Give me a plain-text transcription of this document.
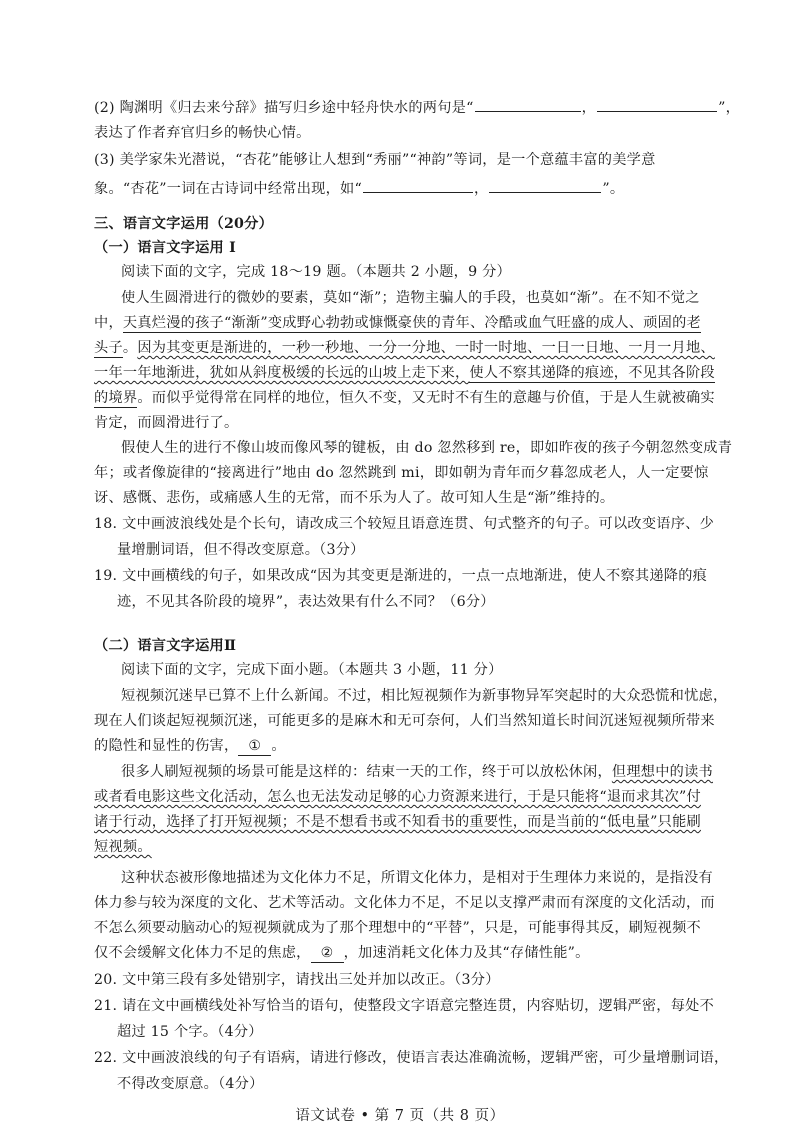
(2) 陶渊明《归去来兮辞》描写归乡途中轻舟快水的两句是“	，	”，
表达了作者弃官归乡的畅快心情。
(3) 美学家朱光潜说，“杏花”能够让人想到“秀丽”“神韵”等词，是一个意蕴丰富的美学意
象。“杏花”一词在古诗词中经常出现，如“	，	”。
三、语言文字运用（20分）
（一）语言文字运用 I
阅读下面的文字，完成 18～19 题。（本题共 2 小题，9 分）
使人生圆滑进行的微妙的要素，莫如“渐”；造物主骗人的手段，也莫如“渐”。在不知不觉之
中，天真烂漫的孩子“渐渐”变成野心勃勃或慷慨豪侠的青年、冷酷或血气旺盛的成人、顽固的老
头子。因为其变更是渐进的，一秒一秒地、一分一分地、一时一时地、一日一日地、一月一月地、
一年一年地渐进，犹如从斜度极缓的长远的山坡上走下来，使人不察其递降的痕迹，不见其各阶段
的境界。而似乎觉得常在同样的地位，恒久不变，又无时不有生的意趣与价值，于是人生就被确实
肯定，而圆滑进行了。
假使人生的进行不像山坡而像风琴的键板，由 do 忽然移到 re，即如昨夜的孩子今朝忽然变成青
年；或者像旋律的“接离进行”地由 do 忽然跳到 mi，即如朝为青年而夕暮忽成老人，人一定要惊
讶、感慨、悲伤，或痛感人生的无常，而不乐为人了。故可知人生是“渐”维持的。
18. 文中画波浪线处是个长句，请改成三个较短且语意连贯、句式整齐的句子。可以改变语序、少
量增删词语，但不得改变原意。（3分）
19. 文中画横线的句子，如果改成“因为其变更是渐进的，一点一点地渐进，使人不察其递降的痕
迹，不见其各阶段的境界”，表达效果有什么不同？（6分）
（二）语言文字运用Ⅱ
阅读下面的文字，完成下面小题。（本题共 3 小题，11 分）
短视频沉迷早已算不上什么新闻。不过，相比短视频作为新事物异军突起时的大众恐慌和忧虑，
现在人们谈起短视频沉迷，可能更多的是麻木和无可奈何，人们当然知道长时间沉迷短视频所带来
的隐性和显性的伤害， ① 。
很多人刷短视频的场景可能是这样的：结束一天的工作，终于可以放松休闲，但理想中的读书
或者看电影这些文化活动，怎么也无法发动足够的心力资源来进行，于是只能将“退而求其次”付
诸于行动，选择了打开短视频；不是不想看书或不知看书的重要性，而是当前的“低电量”只能刷
短视频。
这种状态被形像地描述为文化体力不足，所谓文化体力，是相对于生理体力来说的，是指没有
体力参与较为深度的文化、艺术等活动。文化体力不足，不足以支撑严肃而有深度的文化活动，而
不怎么须要动脑动心的短视频就成为了那个理想中的“平替”，只是，可能事得其反，刷短视频不
仅不会缓解文化体力不足的焦虑， ② ，加速消耗文化体力及其“存储性能”。
20. 文中第三段有多处错别字，请找出三处并加以改正。（3分）
21. 请在文中画横线处补写恰当的语句，使整段文字语意完整连贯，内容贴切，逻辑严密，每处不
超过 15 个字。（4分）
22. 文中画波浪线的句子有语病，请进行修改，使语言表达准确流畅，逻辑严密，可少量增删词语，
不得改变原意。（4分）
语文试卷 • 第 7 页（共 8 页）
